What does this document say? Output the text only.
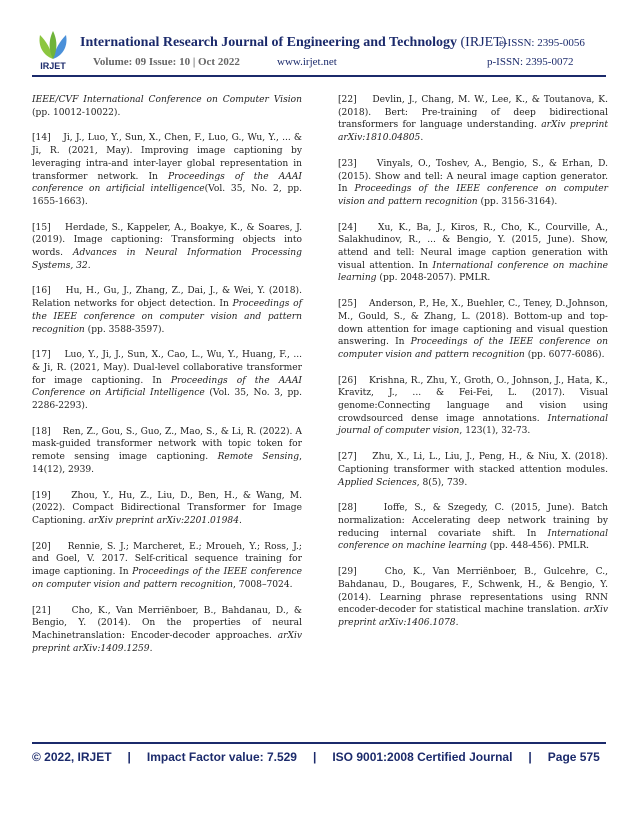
IRJET
International Research Journal of Engineering and Technology (IRJET)
e-ISSN: 2395-0056
Volume: 09 Issue: 10 | Oct 2022	www.irjet.net	p-ISSN: 2395-0072

IEEE/CVF International Conference on Computer Vision (pp. 10012-10022).

[14]    Ji, J., Luo, Y., Sun, X., Chen, F., Luo, G., Wu, Y., ... & Ji, R. (2021, May). Improving image captioning by leveraging intra-and inter-layer global representation in transformer network. In Proceedings of the AAAI conference on artificial intelligence(Vol. 35, No. 2, pp. 1655-1663).

[15]    Herdade, S., Kappeler, A., Boakye, K., & Soares, J. (2019). Image captioning: Transforming objects into words. Advances in Neural Information Processing Systems, 32.

[16]    Hu, H., Gu, J., Zhang, Z., Dai, J., & Wei, Y. (2018). Relation networks for object detection. In Proceedings of the IEEE conference on computer vision and pattern recognition (pp. 3588-3597).

[17]    Luo, Y., Ji, J., Sun, X., Cao, L., Wu, Y., Huang, F., ... & Ji, R. (2021, May). Dual-level collaborative transformer for image captioning. In Proceedings of the AAAI Conference on Artificial Intelligence (Vol. 35, No. 3, pp. 2286-2293).

[18]    Ren, Z., Gou, S., Guo, Z., Mao, S., & Li, R. (2022). A mask-guided transformer network with topic token for remote sensing image captioning. Remote Sensing, 14(12), 2939.

[19]    Zhou, Y., Hu, Z., Liu, D., Ben, H., & Wang, M. (2022). Compact Bidirectional Transformer for Image Captioning. arXiv preprint arXiv:2201.01984.

[20]    Rennie, S. J.; Marcheret, E.; Mroueh, Y.; Ross, J.; and Goel, V. 2017. Self-critical sequence training for image captioning. In Proceedings of the IEEE conference on computer vision and pattern recognition, 7008–7024.

[21]    Cho, K., Van Merriënboer, B., Bahdanau, D., & Bengio, Y. (2014). On the properties of neural Machinetranslation: Encoder-decoder approaches. arXiv preprint arXiv:1409.1259.

[22]    Devlin, J., Chang, M. W., Lee, K., & Toutanova, K. (2018). Bert: Pre-training of deep bidirectional transformers for language understanding. arXiv preprint arXiv:1810.04805.

[23]    Vinyals, O., Toshev, A., Bengio, S., & Erhan, D. (2015). Show and tell: A neural image caption generator. In Proceedings of the IEEE conference on computer vision and pattern recognition (pp. 3156-3164).

[24]    Xu, K., Ba, J., Kiros, R., Cho, K., Courville, A., Salakhudinov, R., ... & Bengio, Y. (2015, June). Show, attend and tell: Neural image caption generation with visual attention. In International conference on machine learning (pp. 2048-2057). PMLR.

[25]    Anderson, P., He, X., Buehler, C., Teney, D.,Johnson, M., Gould, S., & Zhang, L. (2018). Bottom-up and top-down attention for image captioning and visual question answering. In Proceedings of the IEEE conference on computer vision and pattern recognition (pp. 6077-6086).

[26]    Krishna, R., Zhu, Y., Groth, O., Johnson, J., Hata, K., Kravitz, J., ... & Fei-Fei, L. (2017). Visual genome:Connecting language and vision using crowdsourced dense image annotations. International journal of computer vision, 123(1), 32-73.

[27]    Zhu, X., Li, L., Liu, J., Peng, H., & Niu, X. (2018). Captioning transformer with stacked attention modules. Applied Sciences, 8(5), 739.

[28]    Ioffe, S., & Szegedy, C. (2015, June). Batch normalization: Accelerating deep network training by reducing internal covariate shift. In International conference on machine learning (pp. 448-456). PMLR.

[29]    Cho, K., Van Merriënboer, B., Gulcehre, C., Bahdanau, D., Bougares, F., Schwenk, H., & Bengio, Y. (2014). Learning phrase representations using RNN encoder-decoder for statistical machine translation. arXiv preprint arXiv:1406.1078.

© 2022, IRJET | Impact Factor value: 7.529 | ISO 9001:2008 Certified Journal | Page 575
